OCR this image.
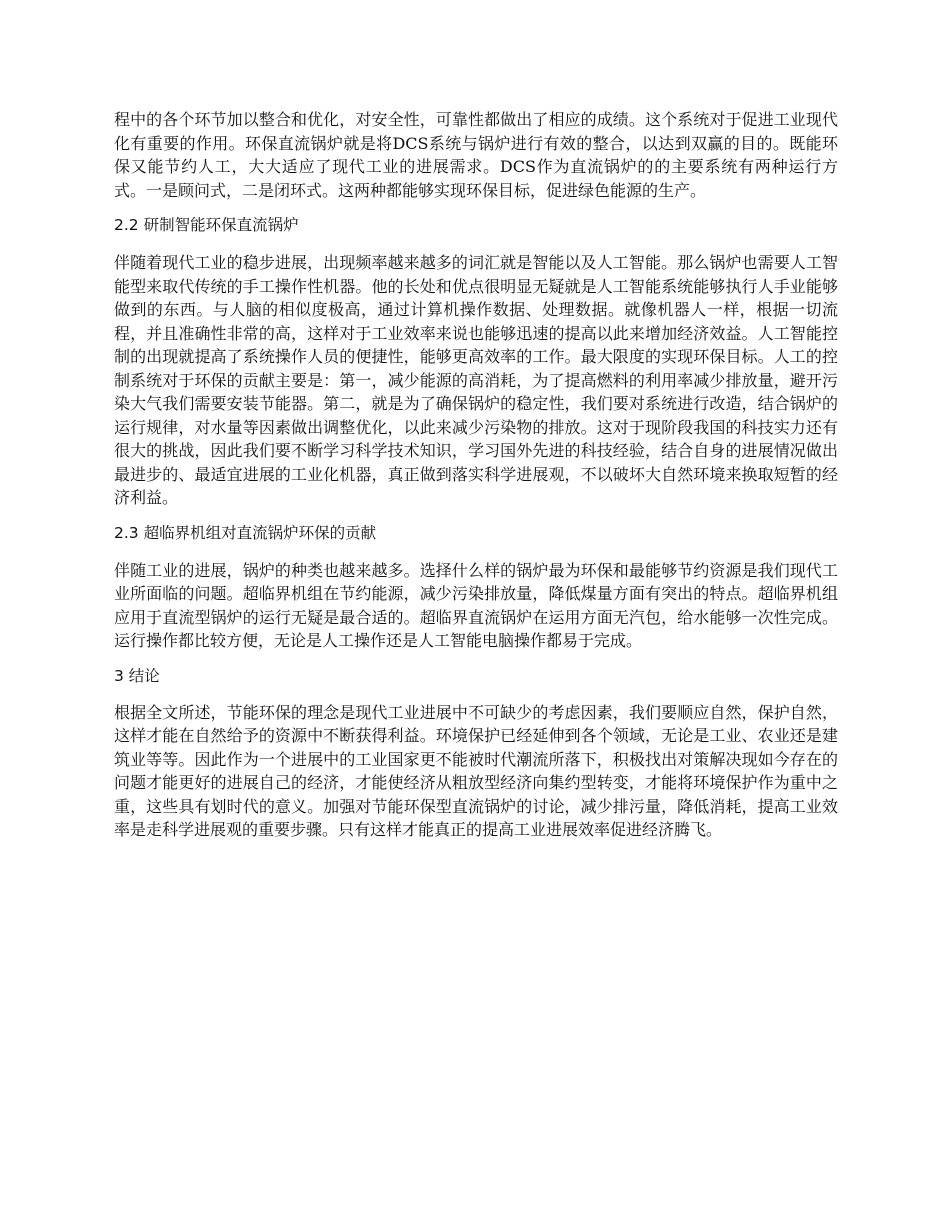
程中的各个环节加以整合和优化，对安全性，可靠性都做出了相应的成绩。这个系统对于促进工业现代化有重要的作用。环保直流锅炉就是将DCS系统与锅炉进行有效的整合，以达到双赢的目的。既能环保又能节约人工，大大适应了现代工业的进展需求。DCS作为直流锅炉的的主要系统有两种运行方式。一是顾问式，二是闭环式。这两种都能够实现环保目标，促进绿色能源的生产。

2.2 研制智能环保直流锅炉

伴随着现代工业的稳步进展，出现频率越来越多的词汇就是智能以及人工智能。那么锅炉也需要人工智能型来取代传统的手工操作性机器。他的长处和优点很明显无疑就是人工智能系统能够执行人手业能够做到的东西。与人脑的相似度极高，通过计算机操作数据、处理数据。就像机器人一样，根据一切流程，并且准确性非常的高，这样对于工业效率来说也能够迅速的提高以此来增加经济效益。人工智能控制的出现就提高了系统操作人员的便捷性，能够更高效率的工作。最大限度的实现环保目标。人工的控制系统对于环保的贡献主要是：第一，减少能源的高消耗，为了提高燃料的利用率减少排放量，避开污染大气我们需要安装节能器。第二，就是为了确保锅炉的稳定性，我们要对系统进行改造，结合锅炉的运行规律，对水量等因素做出调整优化，以此来减少污染物的排放。这对于现阶段我国的科技实力还有很大的挑战，因此我们要不断学习科学技术知识，学习国外先进的科技经验，结合自身的进展情况做出最进步的、最适宜进展的工业化机器，真正做到落实科学进展观，不以破坏大自然环境来换取短暂的经济利益。

2.3 超临界机组对直流锅炉环保的贡献

伴随工业的进展，锅炉的种类也越来越多。选择什么样的锅炉最为环保和最能够节约资源是我们现代工业所面临的问题。超临界机组在节约能源，减少污染排放量，降低煤量方面有突出的特点。超临界机组应用于直流型锅炉的运行无疑是最合适的。超临界直流锅炉在运用方面无汽包，给水能够一次性完成。运行操作都比较方便，无论是人工操作还是人工智能电脑操作都易于完成。

3 结论

根据全文所述，节能环保的理念是现代工业进展中不可缺少的考虑因素，我们要顺应自然，保护自然，这样才能在自然给予的资源中不断获得利益。环境保护已经延伸到各个领域，无论是工业、农业还是建筑业等等。因此作为一个进展中的工业国家更不能被时代潮流所落下，积极找出对策解决现如今存在的问题才能更好的进展自己的经济，才能使经济从粗放型经济向集约型转变，才能将环境保护作为重中之重，这些具有划时代的意义。加强对节能环保型直流锅炉的讨论，减少排污量，降低消耗，提高工业效率是走科学进展观的重要步骤。只有这样才能真正的提高工业进展效率促进经济腾飞。
